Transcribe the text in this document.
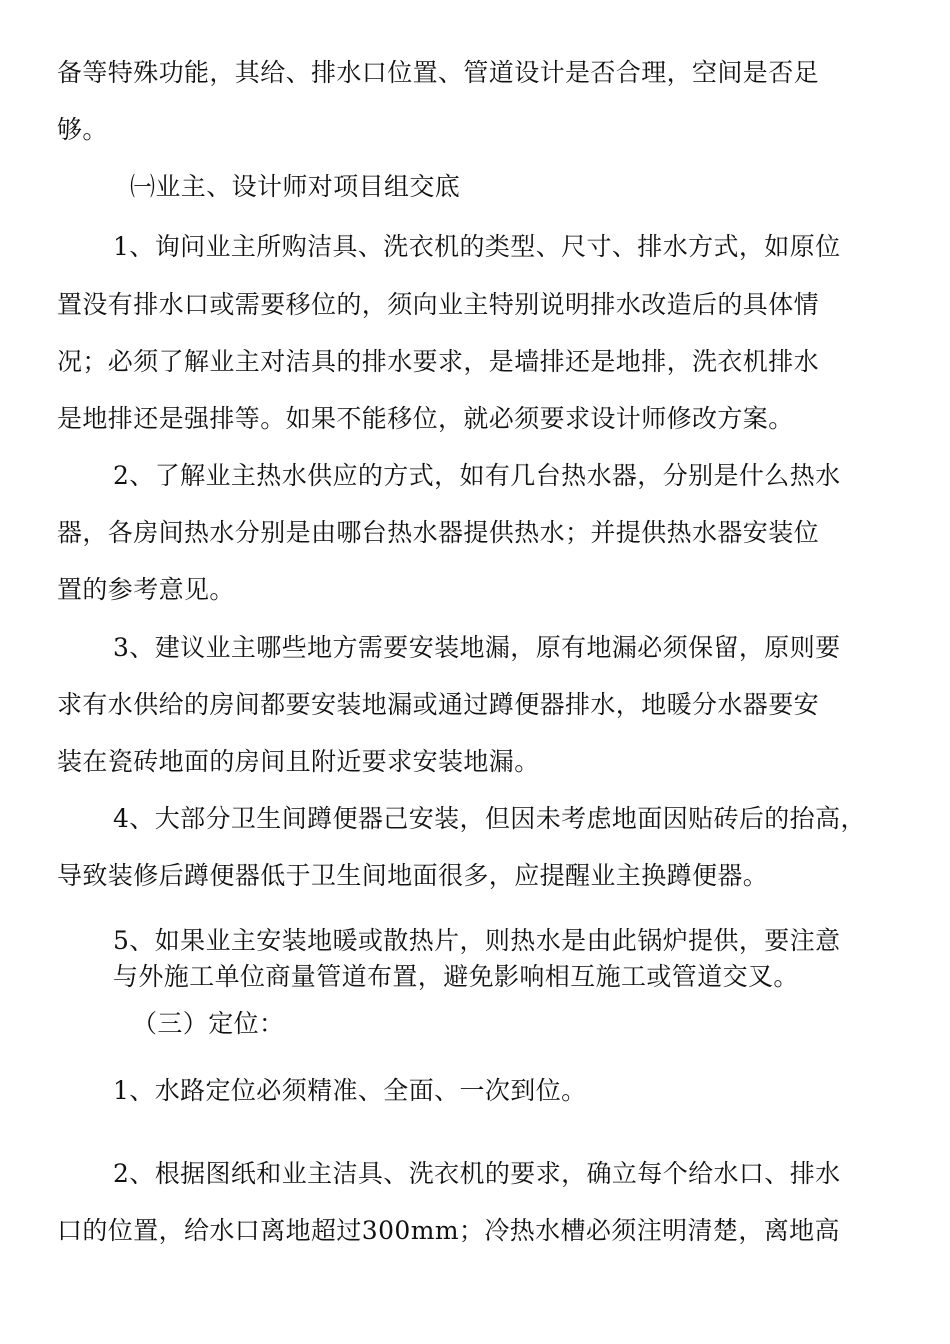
备等特殊功能，其给、排水口位置、管道设计是否合理，空间是否足
够。
㈠业主、设计师对项目组交底
1、询问业主所购洁具、洗衣机的类型、尺寸、排水方式，如原位
置没有排水口或需要移位的，须向业主特别说明排水改造后的具体情
况；必须了解业主对洁具的排水要求，是墙排还是地排，洗衣机排水
是地排还是强排等。如果不能移位，就必须要求设计师修改方案。
2、了解业主热水供应的方式，如有几台热水器，分别是什么热水
器，各房间热水分别是由哪台热水器提供热水；并提供热水器安装位
置的参考意见。
3、建议业主哪些地方需要安装地漏，原有地漏必须保留，原则要
求有水供给的房间都要安装地漏或通过蹲便器排水，地暖分水器要安
装在瓷砖地面的房间且附近要求安装地漏。
4、大部分卫生间蹲便器己安装，但因未考虑地面因贴砖后的抬高，
导致装修后蹲便器低于卫生间地面很多，应提醒业主换蹲便器。
5、如果业主安装地暖或散热片，则热水是由此锅炉提供，要注意
与外施工单位商量管道布置，避免影响相互施工或管道交叉。
（三）定位：
1、水路定位必须精准、全面、一次到位。
2、根据图纸和业主洁具、洗衣机的要求，确立每个给水口、排水
口的位置，给水口离地超过300mm；冷热水槽必须注明清楚，离地高
